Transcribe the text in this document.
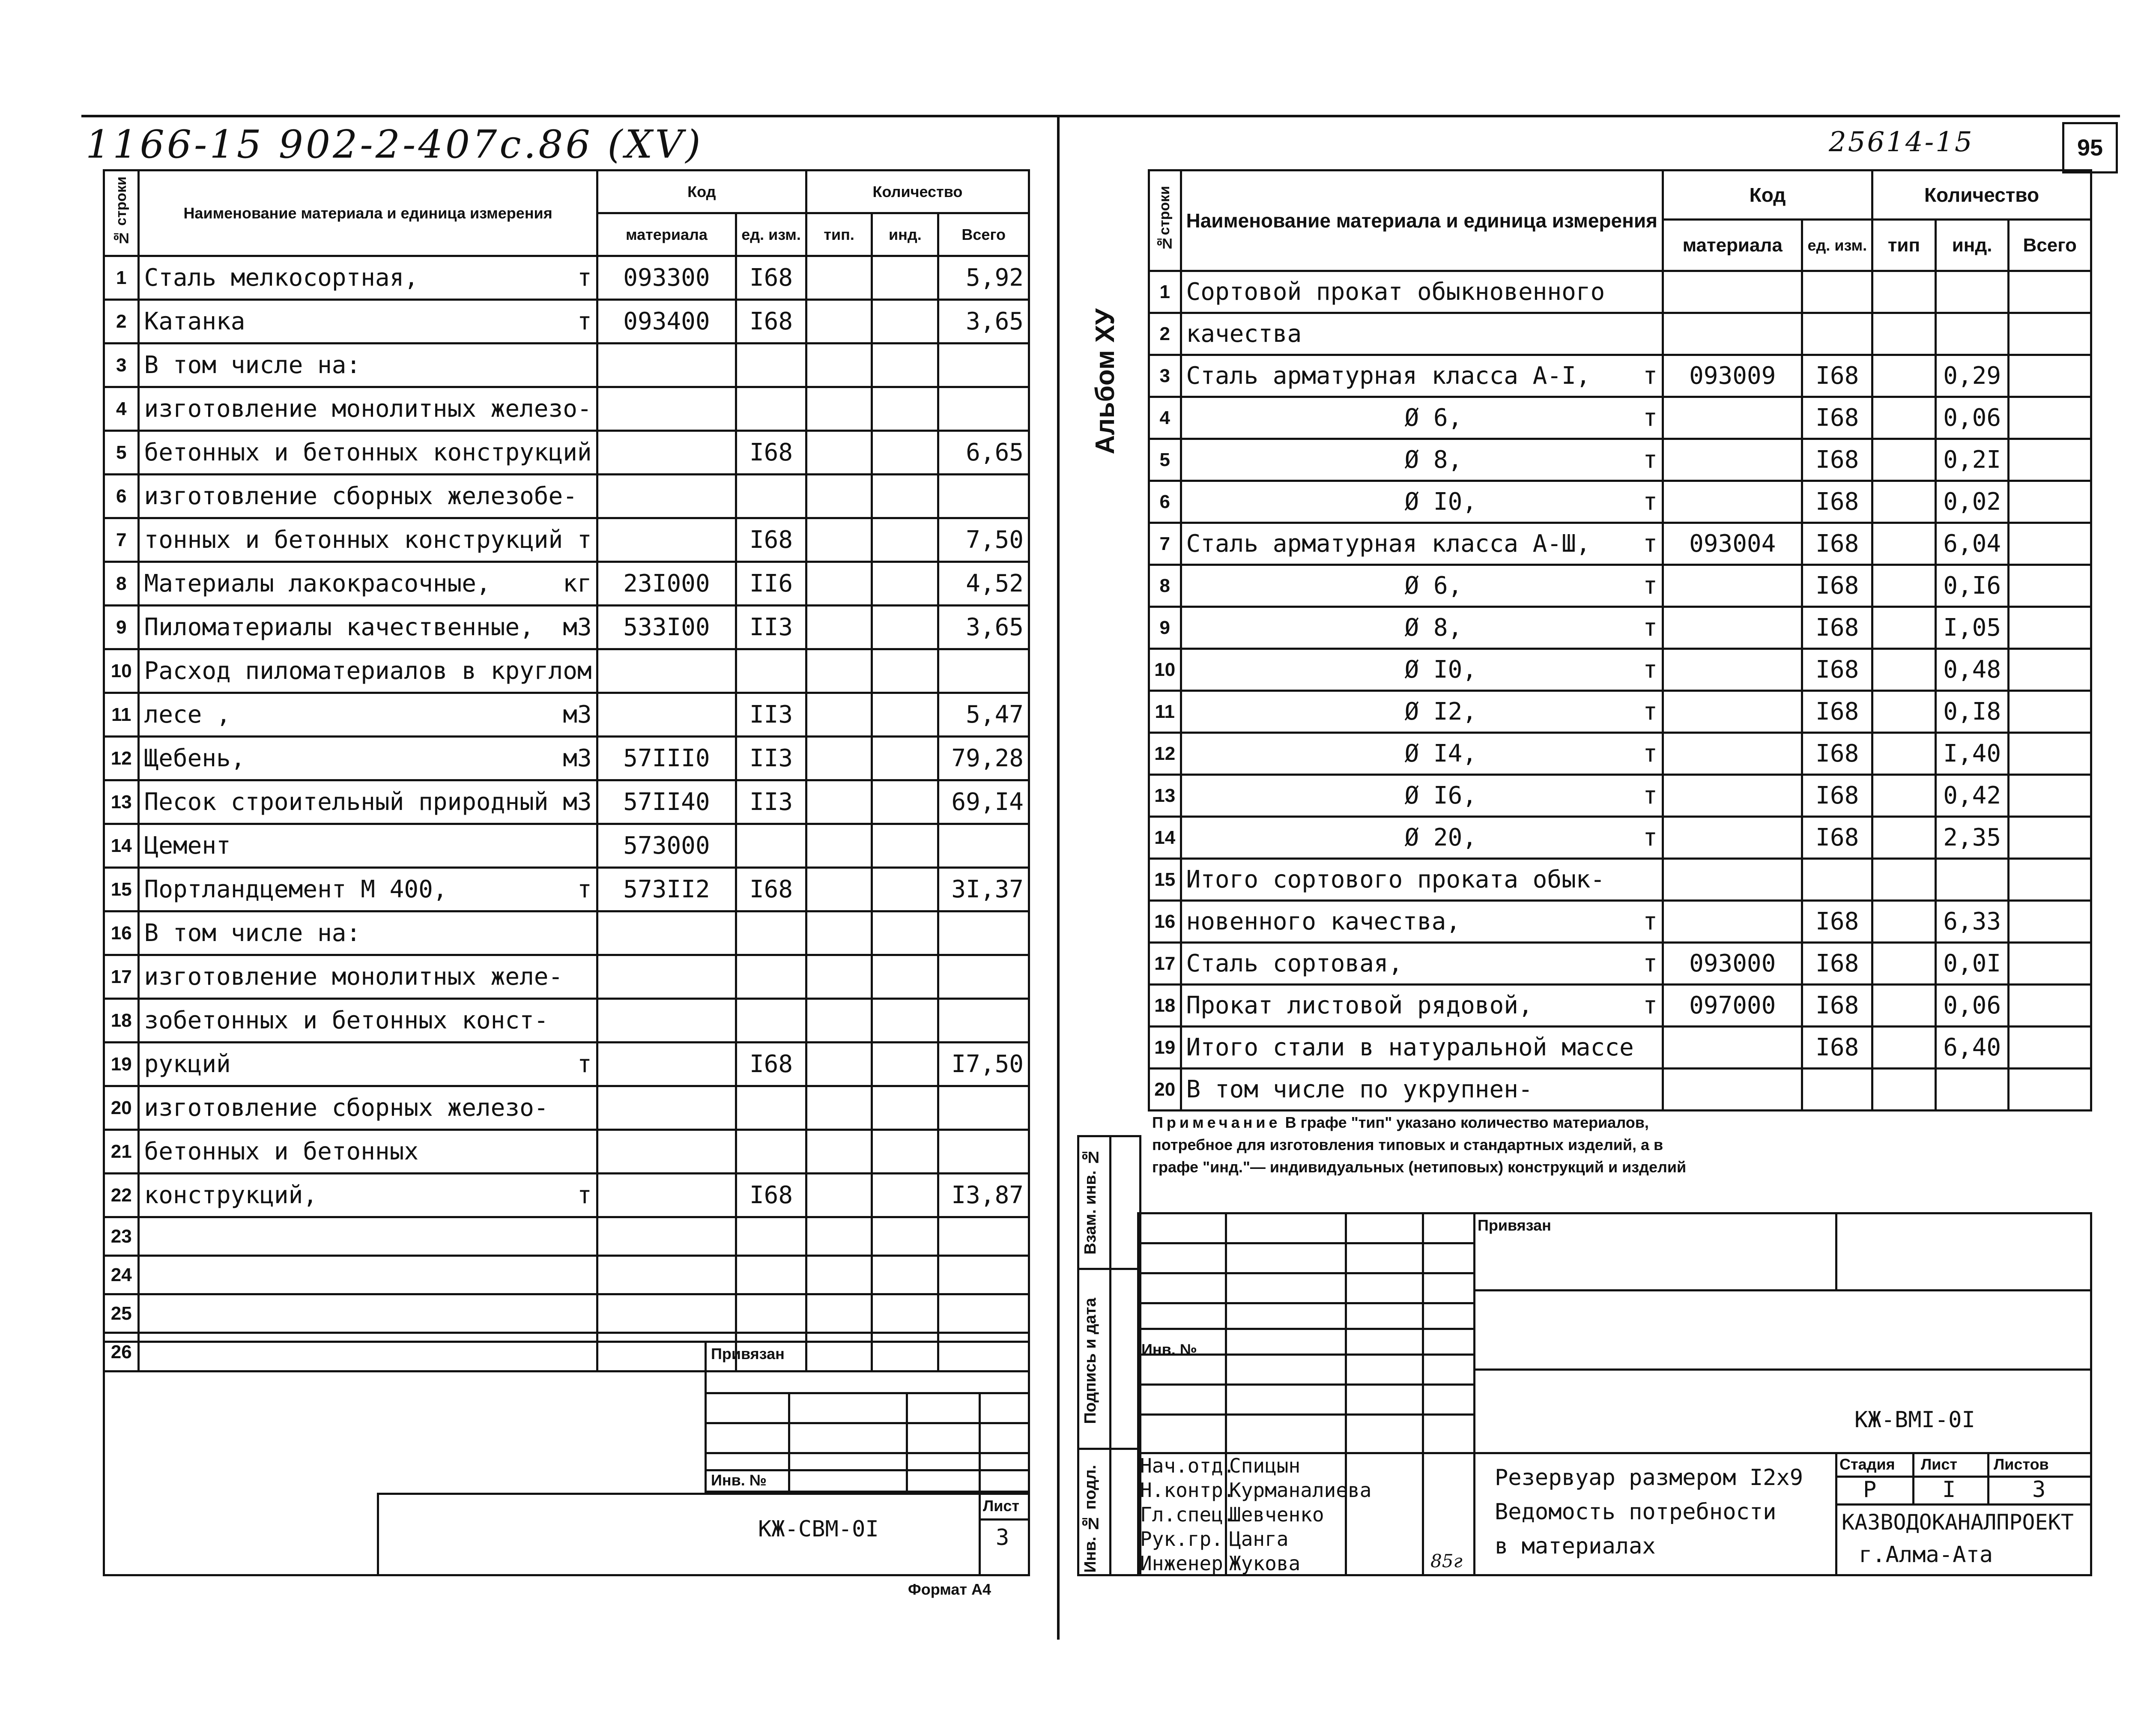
1166-15 902-2-407с.86 (XV)	25614-15	95
№ строки	Наименование материала и единица измерения	Код		Количество		
		материала	ед. изм.	тип.	инд.	Всего
1	Сталь мелкосортная, т	093300	I68			5,92
2	Катанка т	093400	I68			3,65
3	В том числе на:

4	изготовление монолитных железо-

5	бетонных и бетонных конструкций		I68			6,65
6	изготовление сборных железобе-

7	тонных и бетонных конструкций т		I68			7,50
8	Материалы лакокрасочные, кг	23I000	II6			4,52
9	Пиломатериалы качественные, м3	533I00	II3			3,65
10	Расход пиломатериалов в круглом

11	лесе , м3		II3			5,47
12	Щебень, м3	57III0	II3			79,28
13	Песок строительный природный м3	57II40	II3			69,I4
14	Цемент	573000				
15	Портландцемент М 400, т	573II2	I68			3I,37
16	В том числе на:

17	изготовление монолитных желе-

18	зобетонных и бетонных конст-

19	рукций т		I68			I7,50
20	изготовление сборных железо-

21	бетонных и бетонных

22	конструкций, т		I68			I3,87
23	

24	

25	

26	
						Привязан
Инв. №
КЖ-СВМ-0I
Лист
3
Формат А4
Альбом ХУ
№строки	Наименование материала и единица измерения	Код		Количество		
		материала	ед. изм.	тип	инд.	Всего
1	Сортовой прокат обыкновенного

2	качества

3	Сталь арматурная класса А-I, т	093009	I68		0,29	
4	Ø 6, т		I68		0,06	
5	Ø 8, т		I68		0,2I	
6	Ø I0, т		I68		0,02	
7	Сталь арматурная класса А-Ш, т	093004	I68		6,04	
8	Ø 6, т		I68		0,I6	
9	Ø 8, т		I68		I,05	
10	Ø I0, т		I68		0,48	
11	Ø I2, т		I68		0,I8	
12	Ø I4, т		I68		I,40	
13	Ø I6, т		I68		0,42	
14	Ø 20, т		I68		2,35	
15	Итого сортового проката обык-

16	новенного качества, т		I68		6,33	
17	Сталь сортовая, т	093000	I68		0,0I	
18	Прокат листовой рядовой, т	097000	I68		0,06	
19	Итого стали в натуральной массе		I68		6,40	
20	В том числе по укрупнен-

Примечание В графе "тип" указано количество материалов, потребное для изготовления типовых и стандартных изделий, а в графе "инд."— индивидуальных (нетиповых) конструкций и изделий
Взам. инв. №
Подпись и дата
Инв. № подл.
Привязан
Инв. №
КЖ-ВМI-0I
Нач.отд.
Спицын
Н.контр.
Курманалиева
Гл.спец.
Шевченко
Рук.гр. Цанга
Инженер Жукова
Резервуар размером I2х9
Ведомость потребности
в материалах
85г
Стадия Лист Листов
Р	I	3
КАЗВОДОКАНАЛПРОЕКТ
г.Алма-Ата
